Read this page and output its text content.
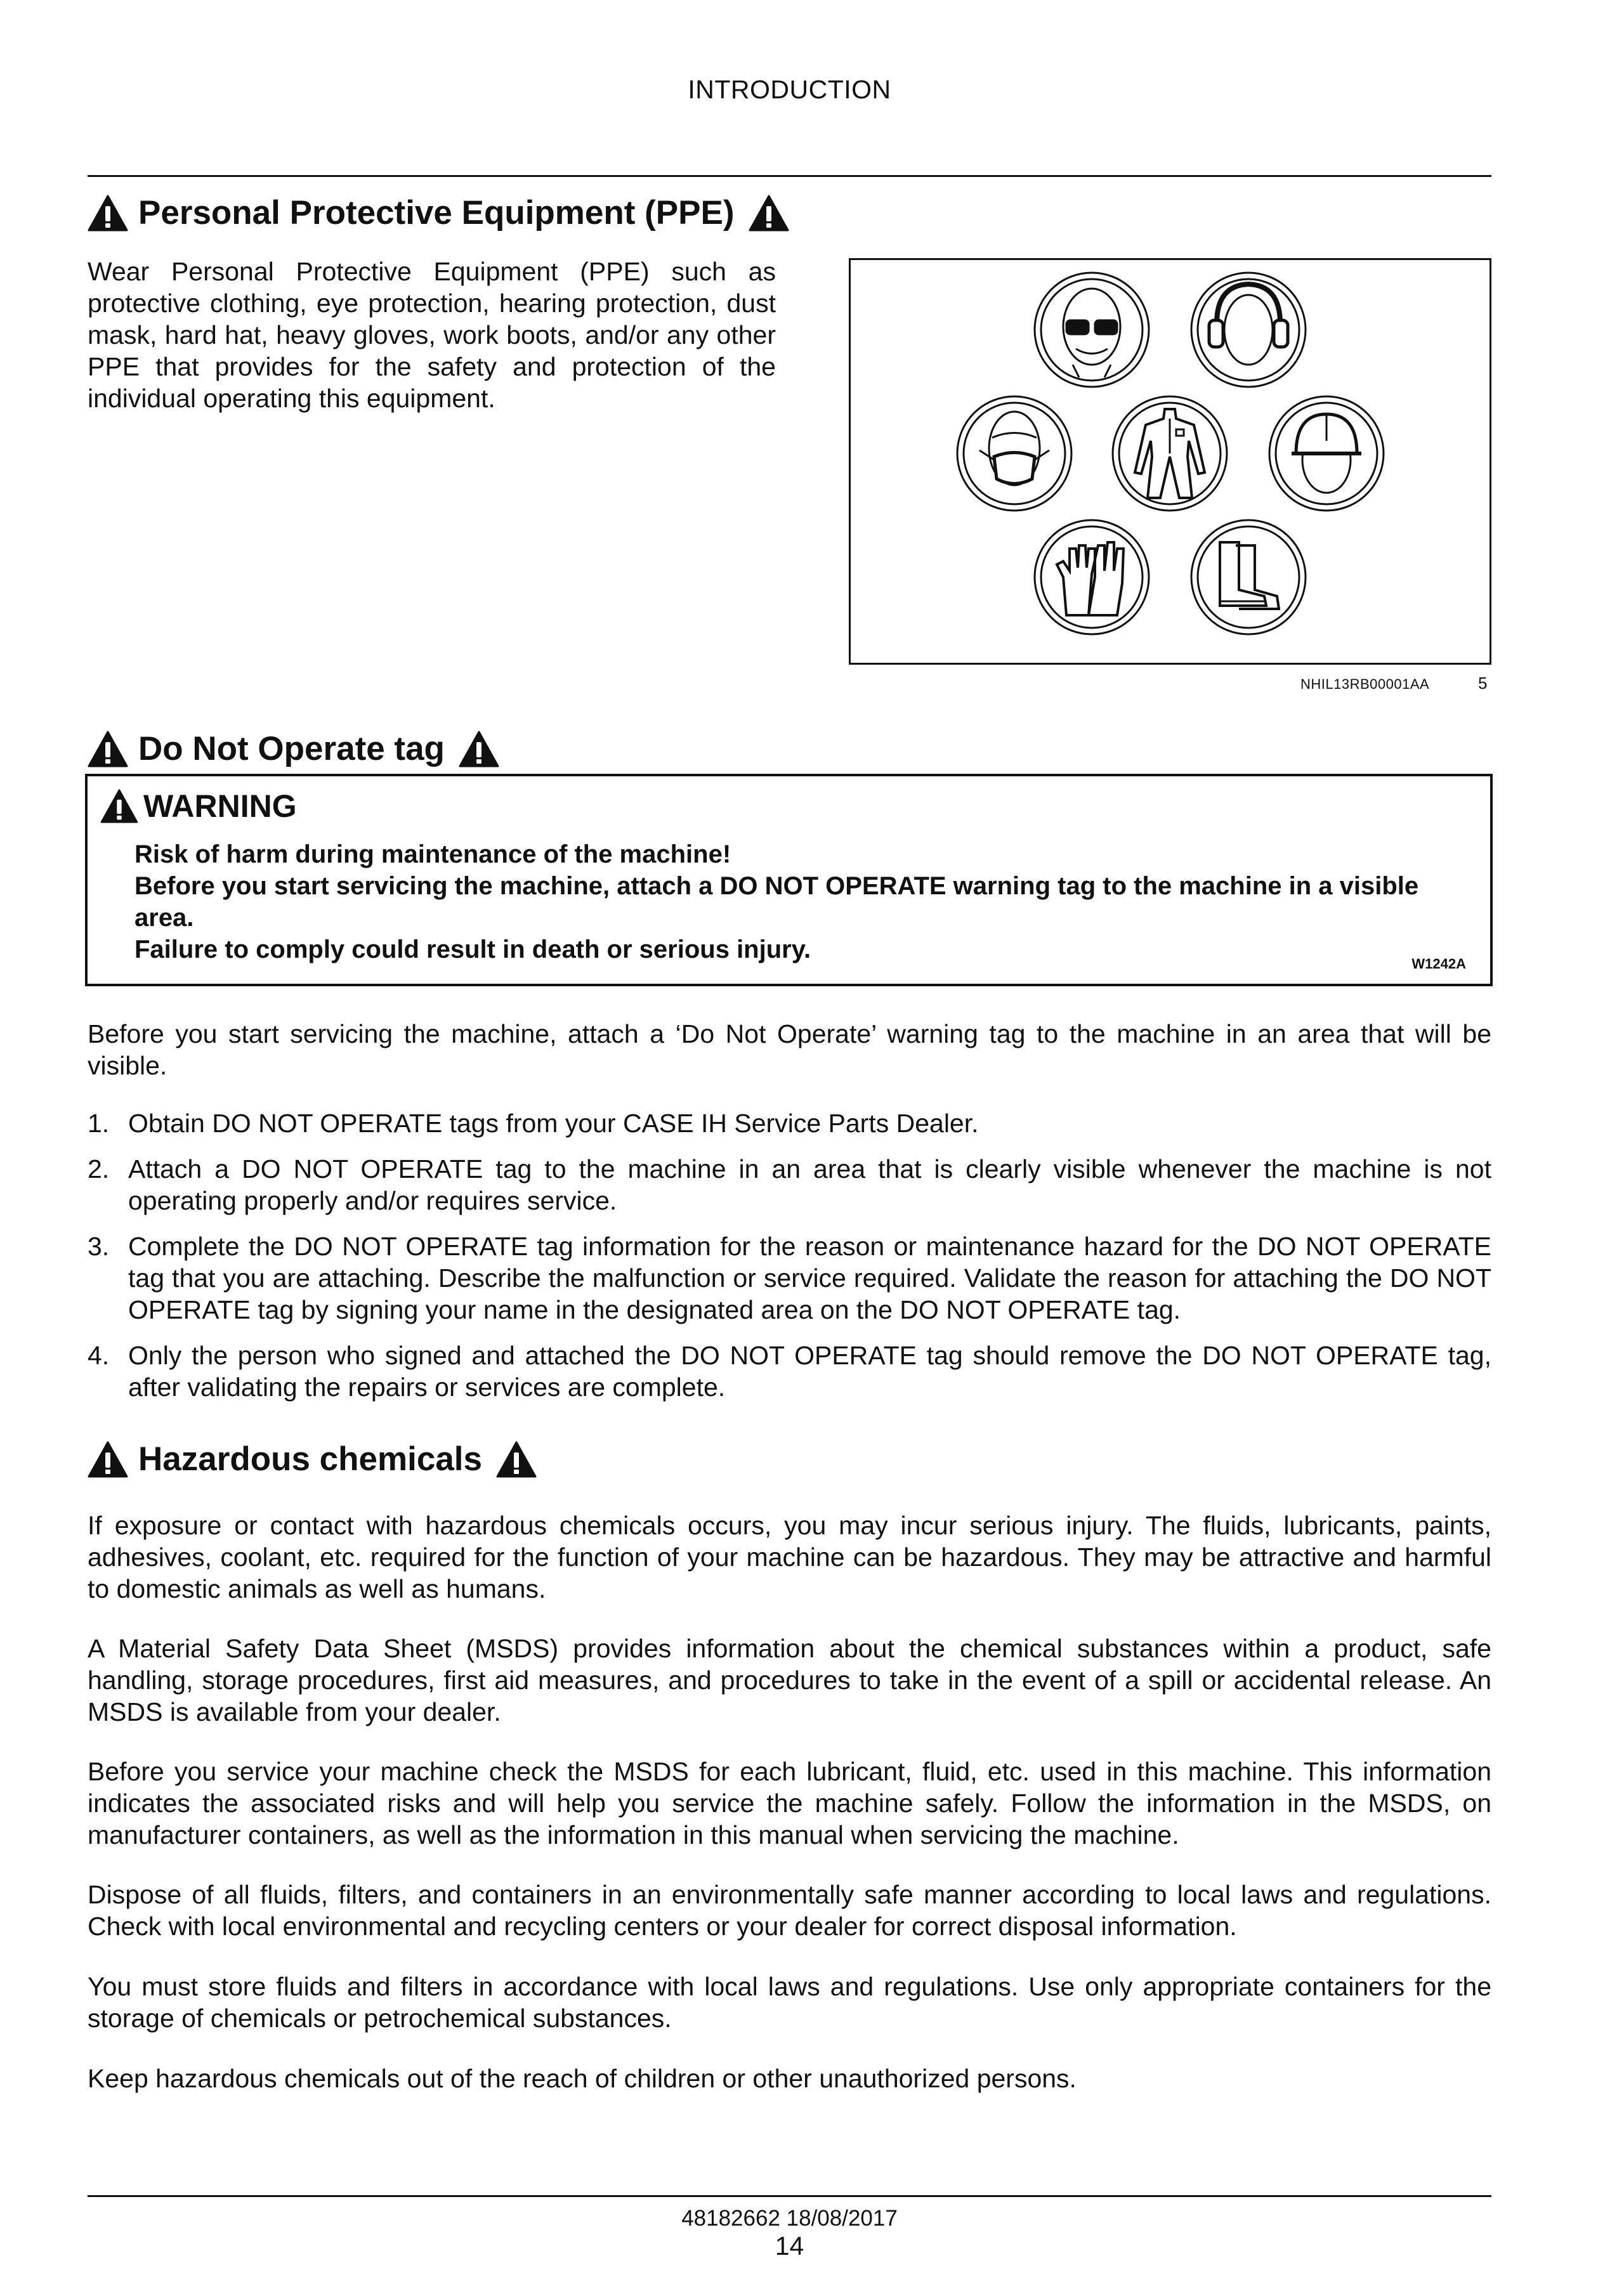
INTRODUCTION
Personal Protective Equipment (PPE)
Wear Personal Protective Equipment (PPE) such as protective clothing, eye protection, hearing protection, dust mask, hard hat, heavy gloves, work boots, and/or any other PPE that provides for the safety and protection of the individual operating this equipment.
NHIL13RB00001AA	5
Do Not Operate tag
WARNING
Risk of harm during maintenance of the machine!
Before you start servicing the machine, attach a DO NOT OPERATE warning tag to the machine in a visible area.
Failure to comply could result in death or serious injury.
W1242A
Before you start servicing the machine, attach a ‘Do Not Operate’ warning tag to the machine in an area that will be visible.
1. Obtain DO NOT OPERATE tags from your CASE IH Service Parts Dealer.
2. Attach a DO NOT OPERATE tag to the machine in an area that is clearly visible whenever the machine is not operating properly and/or requires service.
3. Complete the DO NOT OPERATE tag information for the reason or maintenance hazard for the DO NOT OPERATE tag that you are attaching. Describe the malfunction or service required. Validate the reason for attaching the DO NOT OPERATE tag by signing your name in the designated area on the DO NOT OPERATE tag.
4. Only the person who signed and attached the DO NOT OPERATE tag should remove the DO NOT OPERATE tag, after validating the repairs or services are complete.
Hazardous chemicals
If exposure or contact with hazardous chemicals occurs, you may incur serious injury. The fluids, lubricants, paints, adhesives, coolant, etc. required for the function of your machine can be hazardous. They may be attractive and harmful to domestic animals as well as humans.
A Material Safety Data Sheet (MSDS) provides information about the chemical substances within a product, safe handling, storage procedures, first aid measures, and procedures to take in the event of a spill or accidental release. An MSDS is available from your dealer.
Before you service your machine check the MSDS for each lubricant, fluid, etc. used in this machine. This information indicates the associated risks and will help you service the machine safely. Follow the information in the MSDS, on manufacturer containers, as well as the information in this manual when servicing the machine.
Dispose of all fluids, filters, and containers in an environmentally safe manner according to local laws and regulations. Check with local environmental and recycling centers or your dealer for correct disposal information.
You must store fluids and filters in accordance with local laws and regulations. Use only appropriate containers for the storage of chemicals or petrochemical substances.
Keep hazardous chemicals out of the reach of children or other unauthorized persons.
48182662 18/08/2017
14
